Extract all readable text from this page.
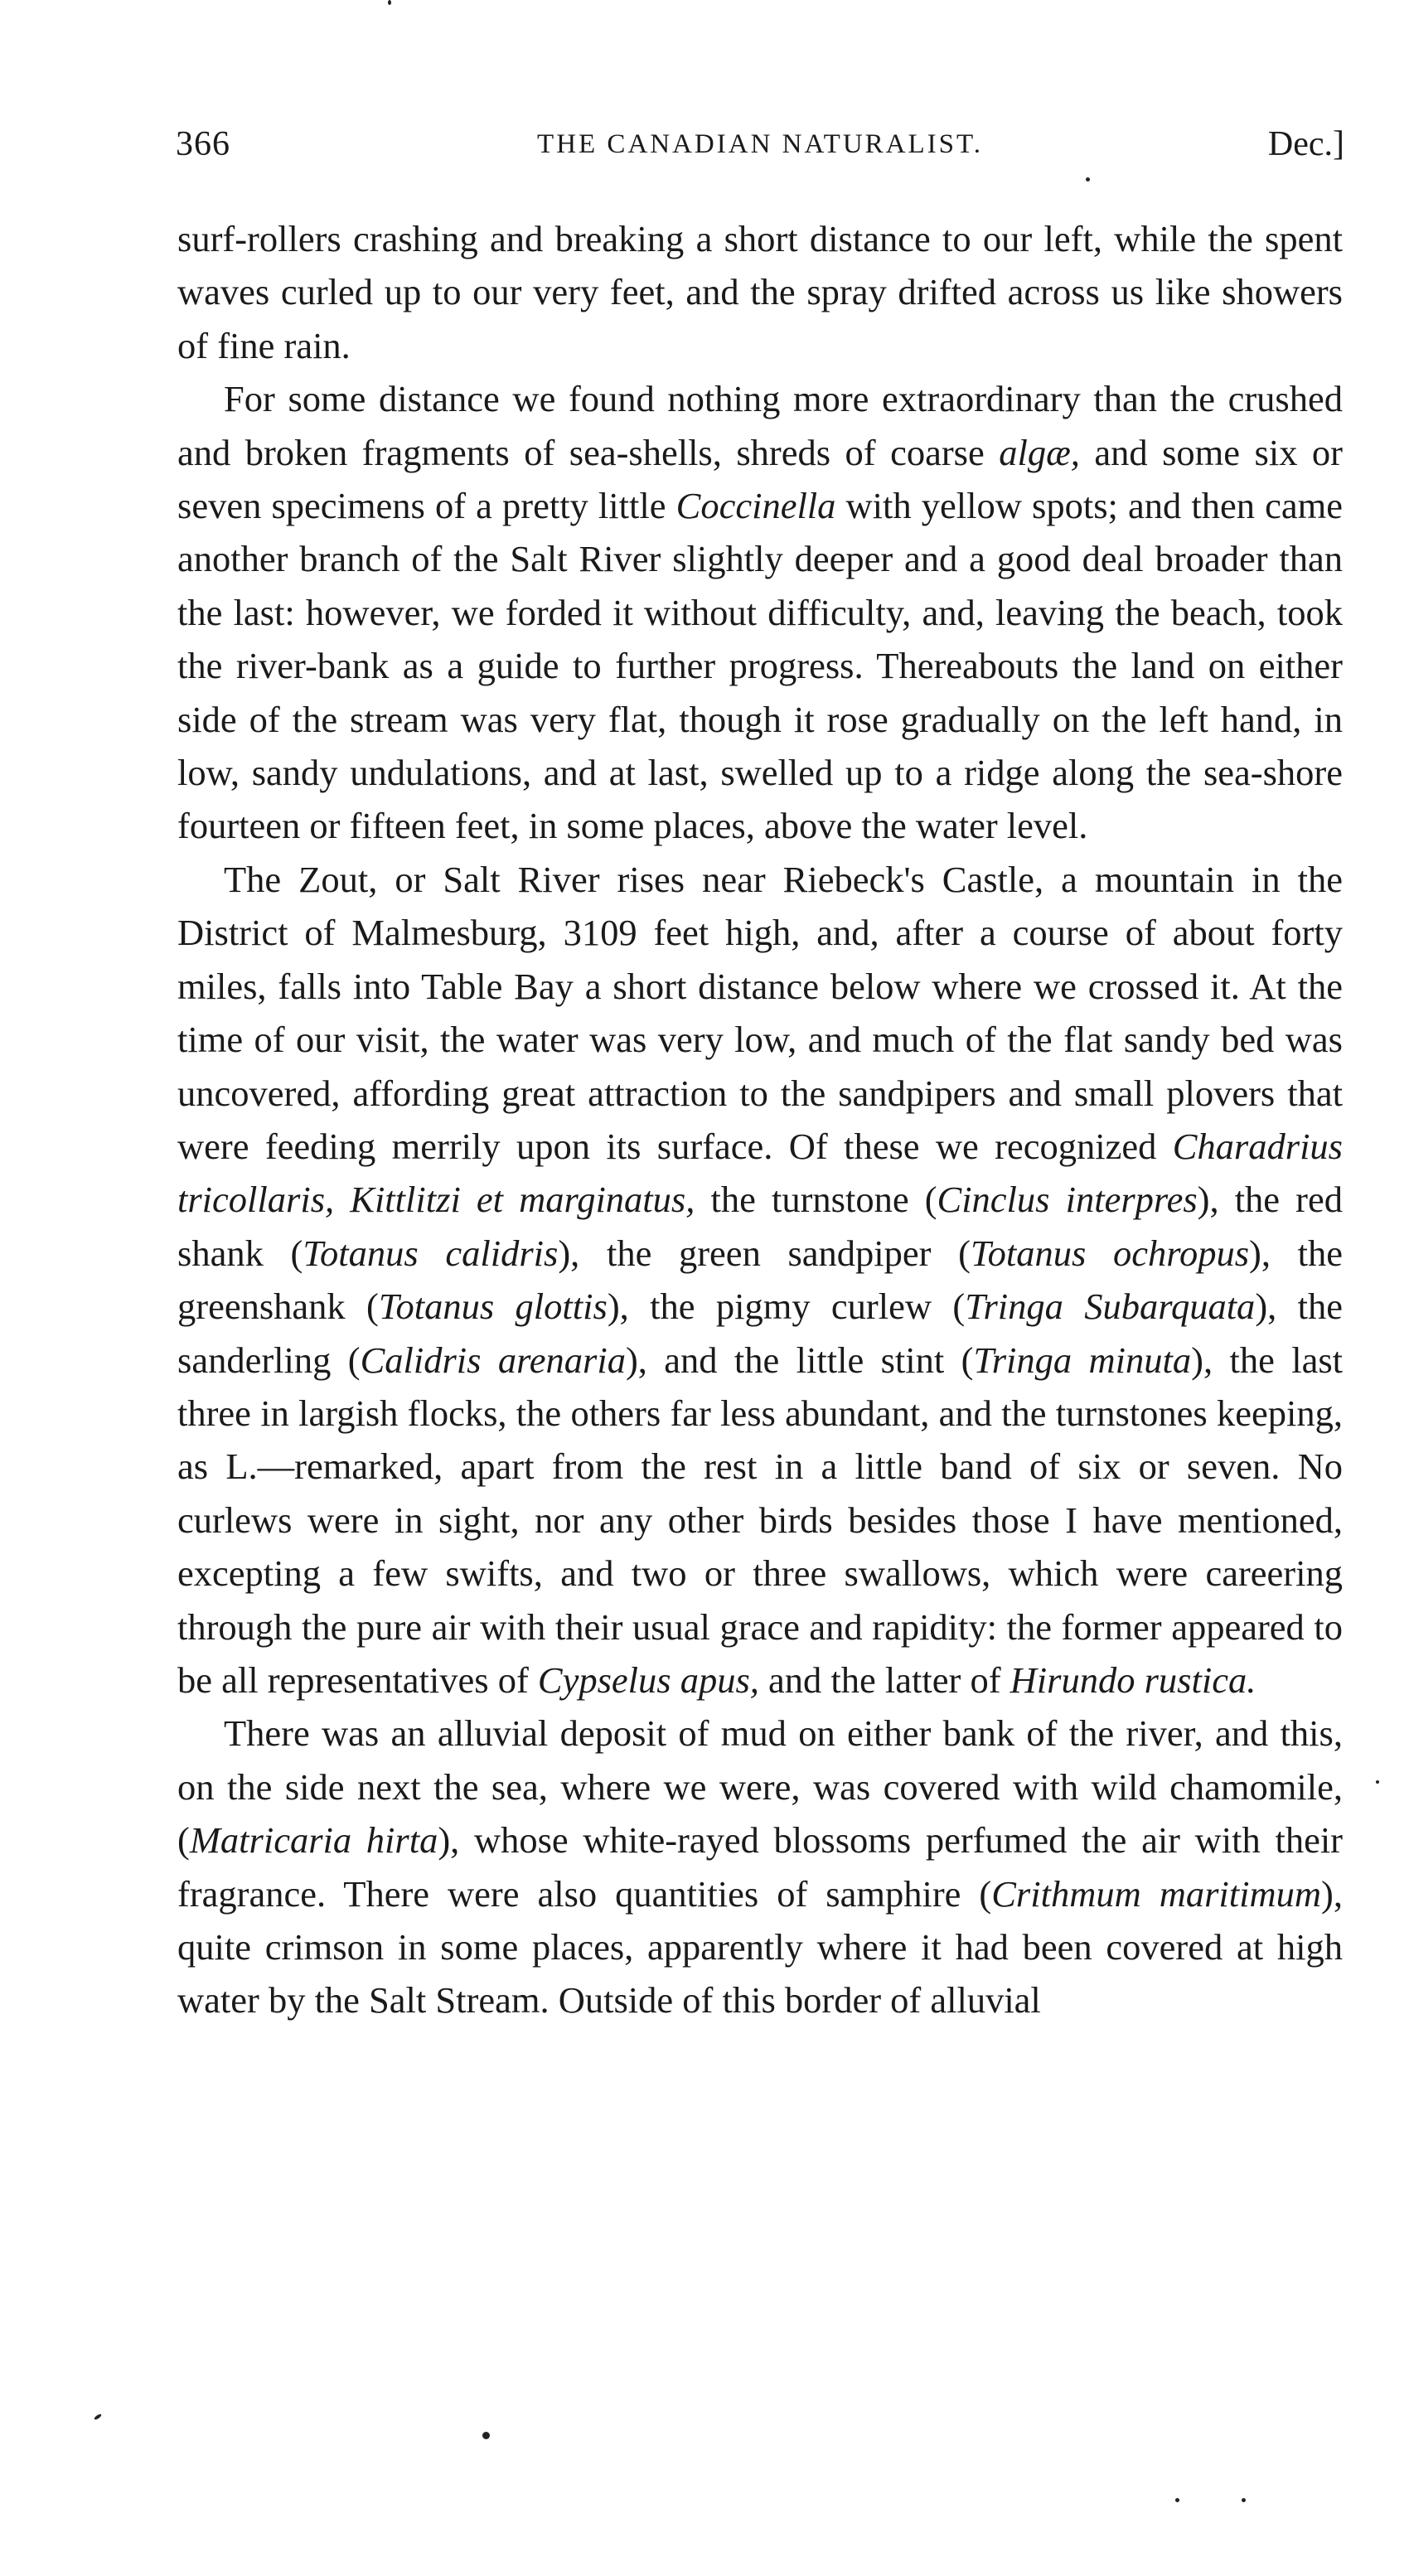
366	THE CANADIAN NATURALIST.	Dec.]

surf-rollers crashing and breaking a short distance to our left, while the spent waves curled up to our very feet, and the spray drifted across us like showers of fine rain.

For some distance we found nothing more extraordinary than the crushed and broken fragments of sea-shells, shreds of coarse algæ, and some six or seven specimens of a pretty little Coccinella with yellow spots; and then came another branch of the Salt River slightly deeper and a good deal broader than the last: however, we forded it without difficulty, and, leaving the beach, took the river-bank as a guide to further progress. Thereabouts the land on either side of the stream was very flat, though it rose gradually on the left hand, in low, sandy undulations, and at last, swelled up to a ridge along the sea-shore fourteen or fifteen feet, in some places, above the water level.

The Zout, or Salt River rises near Riebeck's Castle, a mountain in the District of Malmesburg, 3109 feet high, and, after a course of about forty miles, falls into Table Bay a short distance below where we crossed it. At the time of our visit, the water was very low, and much of the flat sandy bed was uncovered, affording great attraction to the sandpipers and small plovers that were feeding merrily upon its surface. Of these we recognized Charadrius tricollaris, Kittlitzi et marginatus, the turnstone (Cinclus interpres), the red shank (Totanus calidris), the green sandpiper (Totanus ochropus), the greenshank (Totanus glottis), the pigmy curlew (Tringa Subarquata), the sanderling (Calidris arenaria), and the little stint (Tringa minuta), the last three in largish flocks, the others far less abundant, and the turnstones keeping, as L.—remarked, apart from the rest in a little band of six or seven. No curlews were in sight, nor any other birds besides those I have mentioned, excepting a few swifts, and two or three swallows, which were careering through the pure air with their usual grace and rapidity: the former appeared to be all representatives of Cypselus apus, and the latter of Hirundo rustica.

There was an alluvial deposit of mud on either bank of the river, and this, on the side next the sea, where we were, was covered with wild chamomile, (Matricaria hirta), whose white-rayed blossoms perfumed the air with their fragrance. There were also quantities of samphire (Crithmum maritimum), quite crimson in some places, apparently where it had been covered at high water by the Salt Stream. Outside of this border of alluvial
